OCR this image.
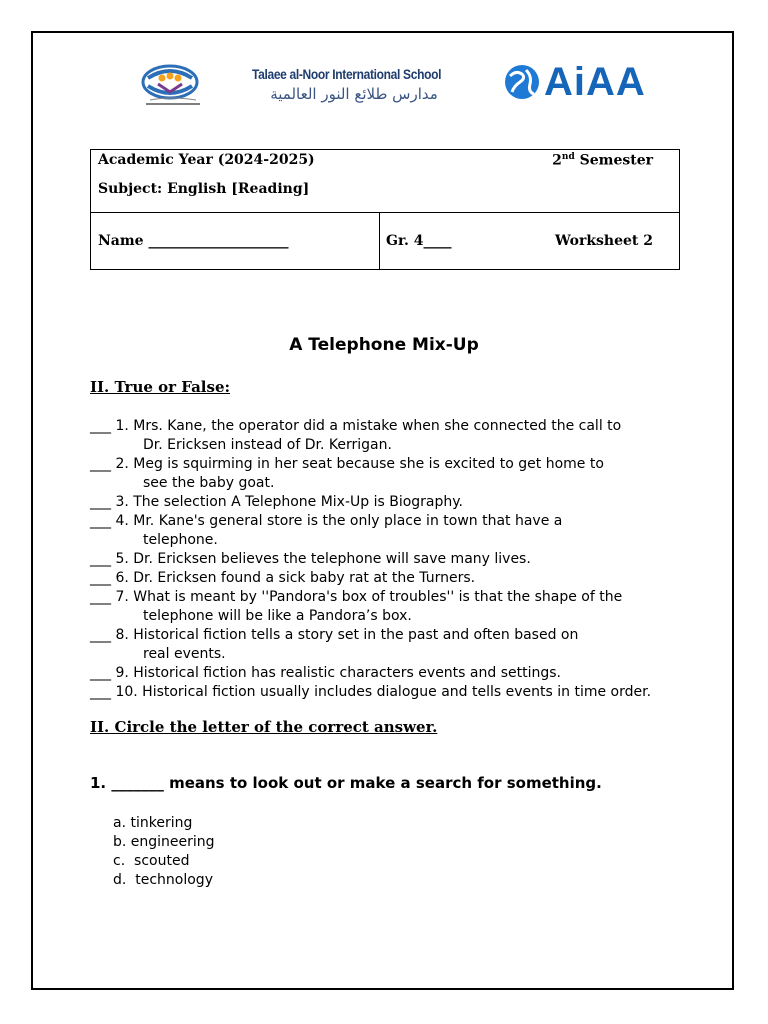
Talaee al-Noor International School
مدارس طلائع النور العالمية	AiAA
Academic Year (2024-2025)	2nd Semester
Subject: English [Reading]

Name ____________________	Gr. 4____	Worksheet 2
A Telephone Mix-Up
II. True or False:
___ 1. Mrs. Kane, the operator did a mistake when she connected the call to
Dr. Ericksen instead of Dr. Kerrigan.
___ 2. Meg is squirming in her seat because she is excited to get home to
see the baby goat.
___ 3. The selection A Telephone Mix-Up is Biography.
___ 4. Mr. Kane's general store is the only place in town that have a
telephone.
___ 5. Dr. Ericksen believes the telephone will save many lives.
___ 6. Dr. Ericksen found a sick baby rat at the Turners.
___ 7. What is meant by ''Pandora's box of troubles'' is that the shape of the
telephone will be like a Pandora’s box.
___ 8. Historical fiction tells a story set in the past and often based on
real events.
___ 9. Historical fiction has realistic characters events and settings.
___ 10. Historical fiction usually includes dialogue and tells events in time order.
II. Circle the letter of the correct answer.
1. _______ means to look out or make a search for something.
a. tinkering
b. engineering
c.  scouted
d.  technology
